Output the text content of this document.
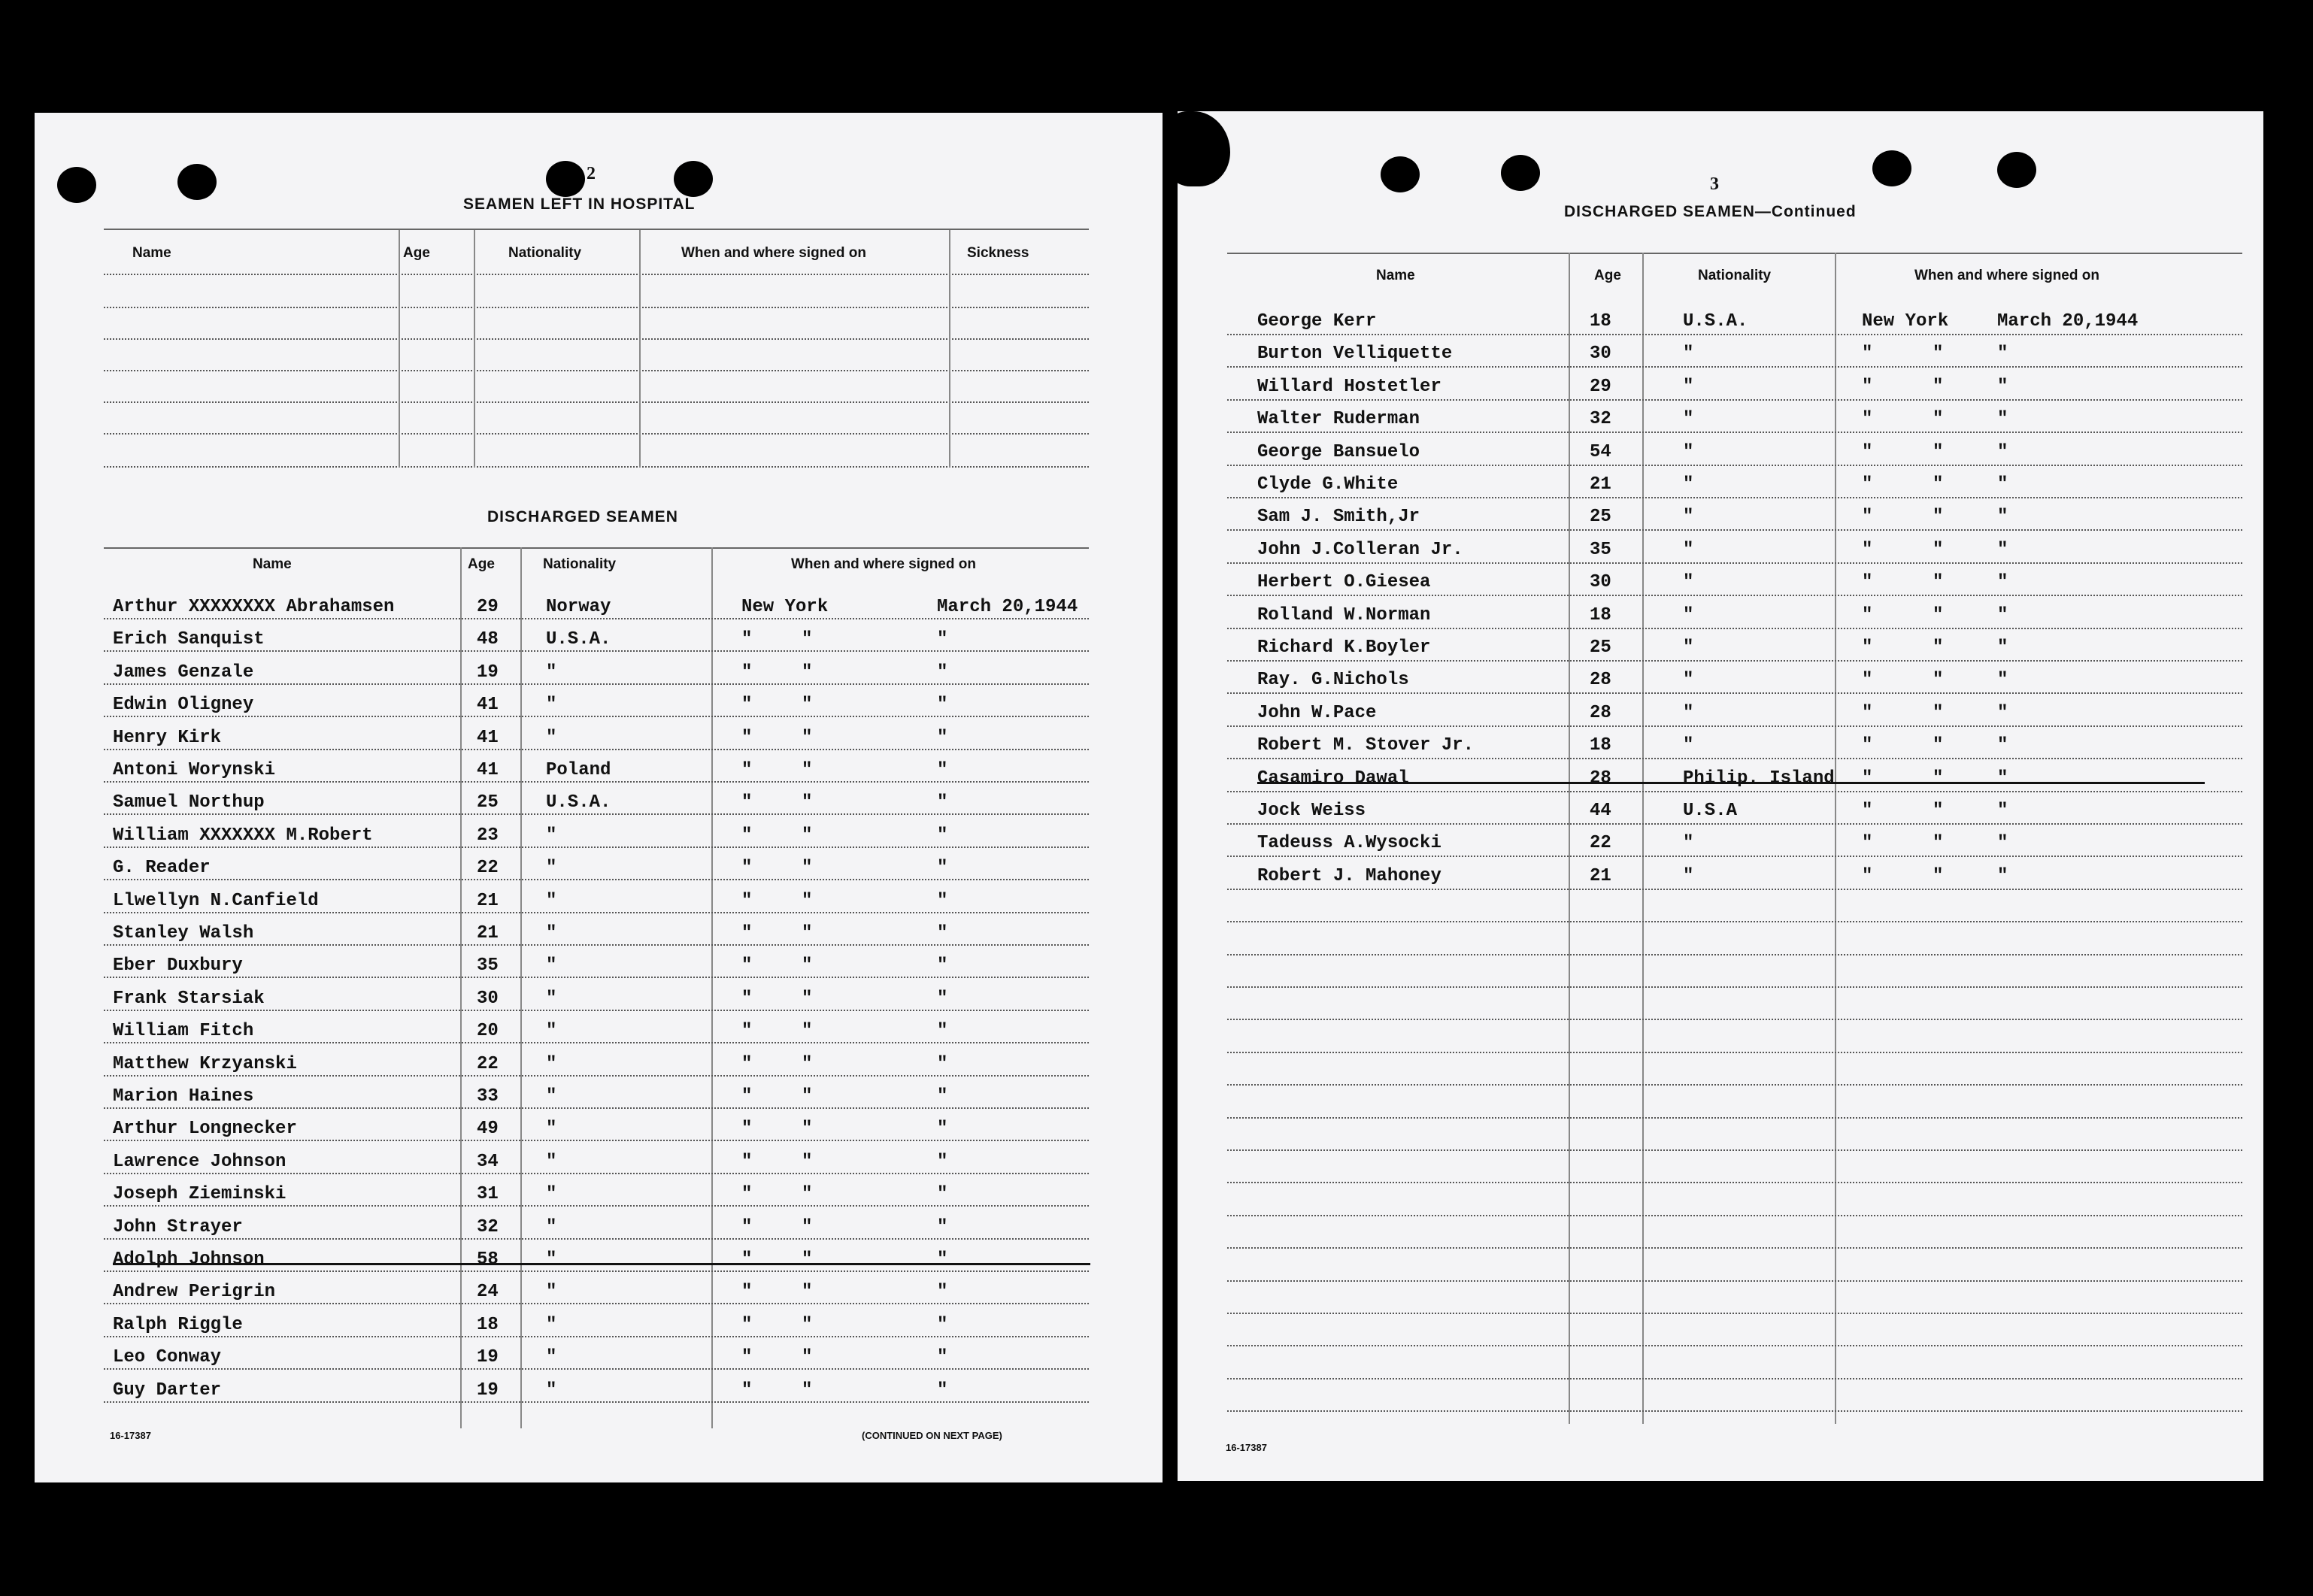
2
SEAMEN LEFT IN HOSPITAL
Name	Age	Nationality	When and where signed on	Sickness
DISCHARGED SEAMEN
Name	Age	Nationality	When and where signed on
Arthur XXXXXXXX Abrahamsen	29	Norway	New York	March 20,1944
Erich Sanquist	48	U.S.A.	"	"	"
James Genzale	19	"	"	"	"
Edwin Oligney	41	"	"	"	"
Henry Kirk	41	"	"	"	"
Antoni Worynski	41	Poland	"	"	"
Samuel Northup	25	U.S.A.	"	"	"
William XXXXXXX M.Robert	23	"	"	"	"
G. Reader	22	"	"	"	"
Llwellyn N.Canfield	21	"	"	"	"
Stanley Walsh	21	"	"	"	"
Eber Duxbury	35	"	"	"	"
Frank Starsiak	30	"	"	"	"
William Fitch	20	"	"	"	"
Matthew Krzyanski	22	"	"	"	"
Marion Haines	33	"	"	"	"
Arthur Longnecker	49	"	"	"	"
Lawrence Johnson	34	"	"	"	"
Joseph Zieminski	31	"	"	"	"
John Strayer	32	"	"	"	"
Adolph Johnson	58	"	"	"	"
Andrew Perigrin	24	"	"	"	"
Ralph Riggle	18	"	"	"	"
Leo Conway	19	"	"	"	"
Guy Darter	19	"	"	"	"
16-17387	(CONTINUED ON NEXT PAGE)
3
DISCHARGED SEAMEN—Continued
Name	Age	Nationality	When and where signed on
George Kerr	18	U.S.A.	New York	March 20,1944
Burton Velliquette	30	"	"	"	"
Willard Hostetler	29	"	"	"	"
Walter Ruderman	32	"	"	"	"
George Bansuelo	54	"	"	"	"
Clyde G.White	21	"	"	"	"
Sam J. Smith,Jr	25	"	"	"	"
John J.Colleran Jr.	35	"	"	"	"
Herbert O.Giesea	30	"	"	"	"
Rolland W.Norman	18	"	"	"	"
Richard K.Boyler	25	"	"	"	"
Ray. G.Nichols	28	"	"	"	"
John W.Pace	28	"	"	"	"
Robert M. Stover Jr.	18	"	"	"	"
Casamiro Dawal	28	Philip. Island "	"	"
Jock Weiss	44	U.S.A	"	"	"
Tadeuss A.Wysocki	22	"	"	"	"
Robert J. Mahoney	21	"	"	"	"
16-17387
